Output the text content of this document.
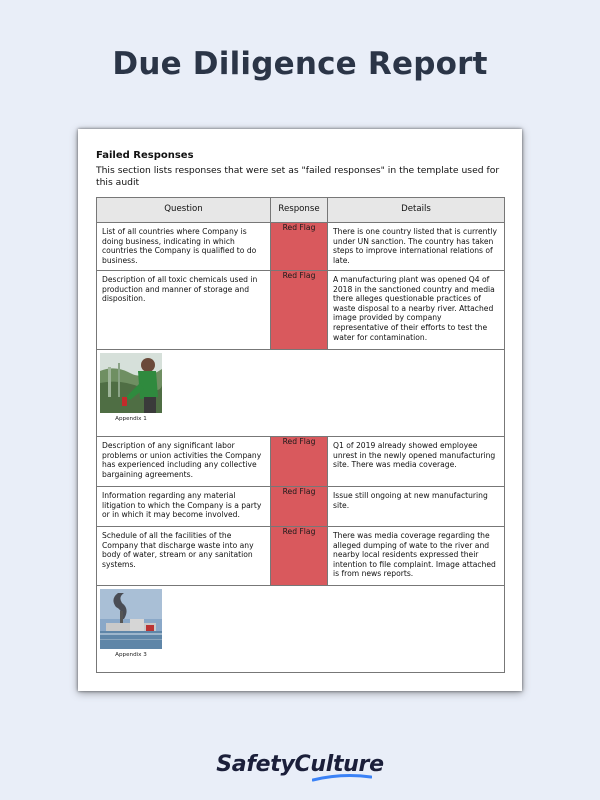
Due Diligence Report
Failed Responses
This section lists responses that were set as "failed responses" in the template used for this audit
Question	Response	Details

List of all countries where Company is doing business, indicating in which countries the Company is qualified to do business.	Red Flag	There is one country listed that is currently under UN sanction. The country has taken steps to improve international relations of late.

Description of all toxic chemicals used in production and manner of storage and disposition.	Red Flag	A manufacturing plant was opened Q4 of 2018 in the sanctioned country and media there alleges questionable practices of waste disposal to a nearby river. Attached image provided by company representative of their efforts to test the water for contamination.

Appendix 1		

Description of any significant labor problems or union activities the Company has experienced including any collective bargaining agreements.	Red Flag	Q1 of 2019 already showed employee unrest in the newly opened manufacturing site. There was media coverage.

Information regarding any material litigation to which the Company is a party or in which it may become involved.	Red Flag	Issue still ongoing at new manufacturing site.

Schedule of all the facilities of the Company that discharge waste into any body of water, stream or any sanitation systems.	Red Flag	There was media coverage regarding the alleged dumping of wate to the river and nearby local residents expressed their intention to file complaint. Image attached is from news reports.

Appendix 3		
SafetyCulture
